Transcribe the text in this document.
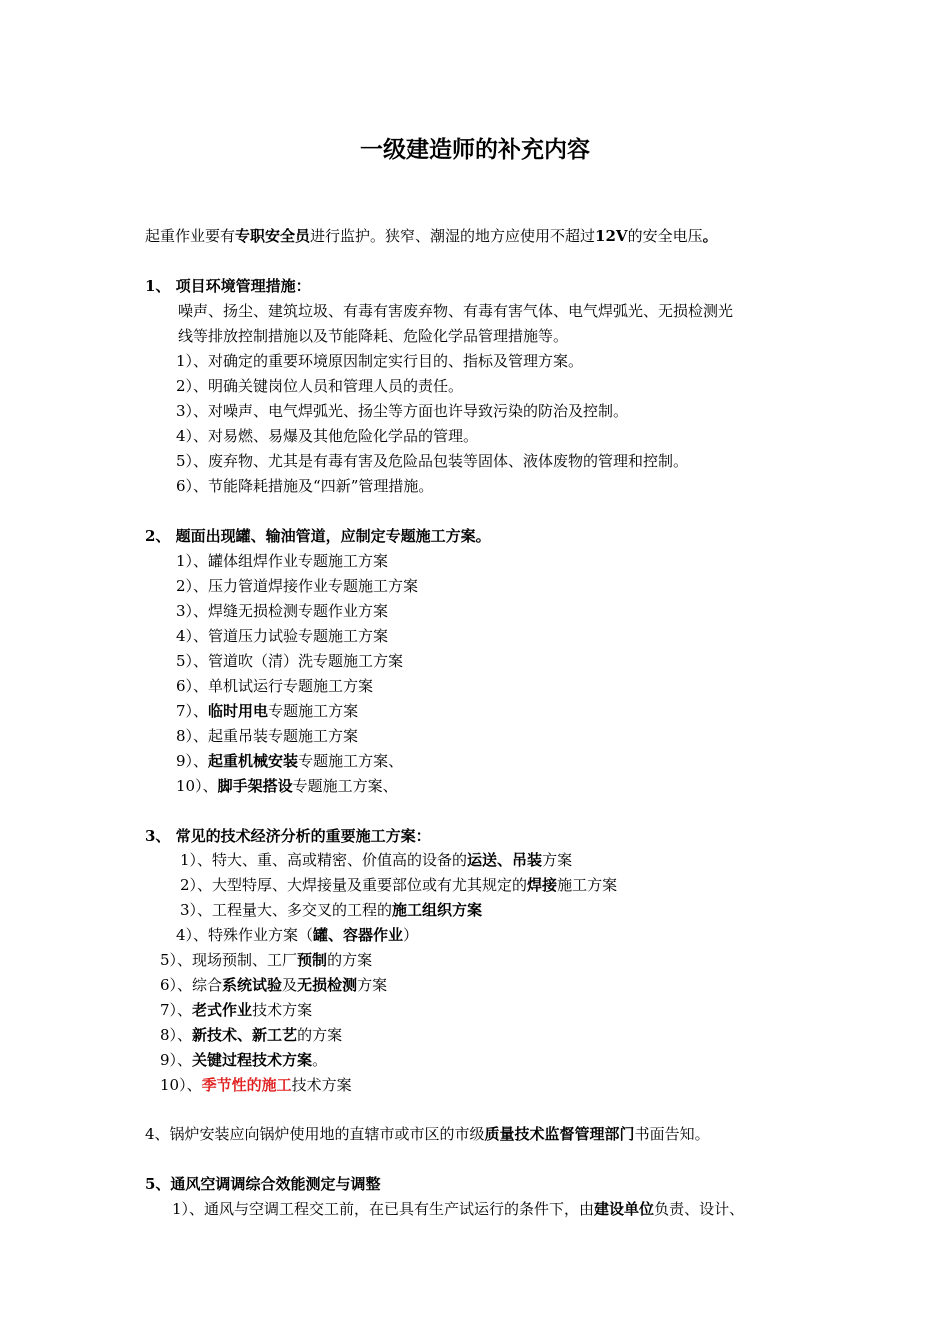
一级建造师的补充内容
起重作业要有专职安全员进行监护。狭窄、潮湿的地方应使用不超过12V的安全电压。
1、 项目环境管理措施：
噪声、扬尘、建筑垃圾、有毒有害废弃物、有毒有害气体、电气焊弧光、无损检测光
线等排放控制措施以及节能降耗、危险化学品管理措施等。
1）、对确定的重要环境原因制定实行目的、指标及管理方案。
2）、明确关键岗位人员和管理人员的责任。
3）、对噪声、电气焊弧光、扬尘等方面也许导致污染的防治及控制。
4）、对易燃、易爆及其他危险化学品的管理。
5）、废弃物、尤其是有毒有害及危险品包装等固体、液体废物的管理和控制。
6）、节能降耗措施及“四新”管理措施。
2、 题面出现罐、输油管道，应制定专题施工方案。
1）、罐体组焊作业专题施工方案
2）、压力管道焊接作业专题施工方案
3）、焊缝无损检测专题作业方案
4）、管道压力试验专题施工方案
5）、管道吹（清）洗专题施工方案
6）、单机试运行专题施工方案
7）、临时用电专题施工方案
8）、起重吊装专题施工方案
9）、起重机械安装专题施工方案、
10）、脚手架搭设专题施工方案、
3、 常见的技术经济分析的重要施工方案：
1）、特大、重、高或精密、价值高的设备的运送、吊装方案
2）、大型特厚、大焊接量及重要部位或有尤其规定的焊接施工方案
3）、工程量大、多交叉的工程的施工组织方案
4）、特殊作业方案（罐、容器作业）
5）、现场预制、工厂预制的方案
6）、综合系统试验及无损检测方案
7）、老式作业技术方案
8）、新技术、新工艺的方案
9）、关键过程技术方案。
10）、季节性的施工技术方案
4、锅炉安装应向锅炉使用地的直辖市或市区的市级质量技术监督管理部门书面告知。
5、通风空调调综合效能测定与调整
1）、通风与空调工程交工前，在已具有生产试运行的条件下，由建设单位负责、设计、
